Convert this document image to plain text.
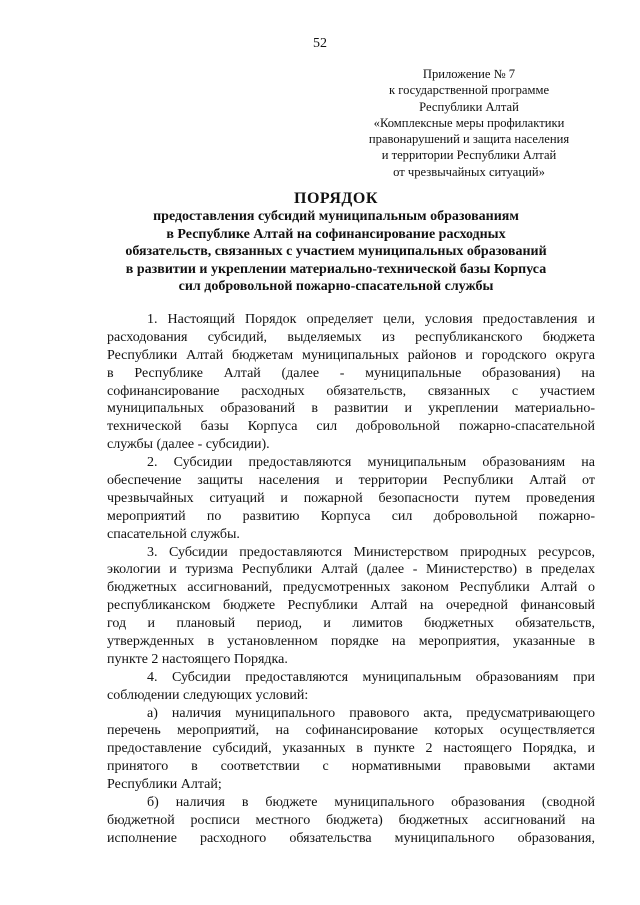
52
Приложение № 7
к государственной программе
Республики Алтай
«Комплексные меры профилактики
правонарушений и защита населения
и территории Республики Алтай
от чрезвычайных ситуаций»
ПОРЯДОК
предоставления субсидий муниципальным образованиям
в Республике Алтай на софинансирование расходных
обязательств, связанных с участием муниципальных образований
в развитии и укреплении материально-технической базы Корпуса
сил добровольной пожарно-спасательной службы
1. Настоящий Порядок определяет цели, условия предоставления и
расходования субсидий, выделяемых из республиканского бюджета
Республики Алтай бюджетам муниципальных районов и городского округа
в Республике Алтай (далее - муниципальные образования) на
софинансирование расходных обязательств, связанных с участием
муниципальных образований в развитии и укреплении материально-
технической базы Корпуса сил добровольной пожарно-спасательной
службы (далее - субсидии).
2. Субсидии предоставляются муниципальным образованиям на
обеспечение защиты населения и территории Республики Алтай от
чрезвычайных ситуаций и пожарной безопасности путем проведения
мероприятий по развитию Корпуса сил добровольной пожарно-
спасательной службы.
3. Субсидии предоставляются Министерством природных ресурсов,
экологии и туризма Республики Алтай (далее - Министерство) в пределах
бюджетных ассигнований, предусмотренных законом Республики Алтай о
республиканском бюджете Республики Алтай на очередной финансовый
год и плановый период, и лимитов бюджетных обязательств,
утвержденных в установленном порядке на мероприятия, указанные в
пункте 2 настоящего Порядка.
4. Субсидии предоставляются муниципальным образованиям при
соблюдении следующих условий:
а) наличия муниципального правового акта, предусматривающего
перечень мероприятий, на софинансирование которых осуществляется
предоставление субсидий, указанных в пункте 2 настоящего Порядка, и
принятого в соответствии с нормативными правовыми актами
Республики Алтай;
б) наличия в бюджете муниципального образования (сводной
бюджетной росписи местного бюджета) бюджетных ассигнований на
исполнение расходного обязательства муниципального образования,
